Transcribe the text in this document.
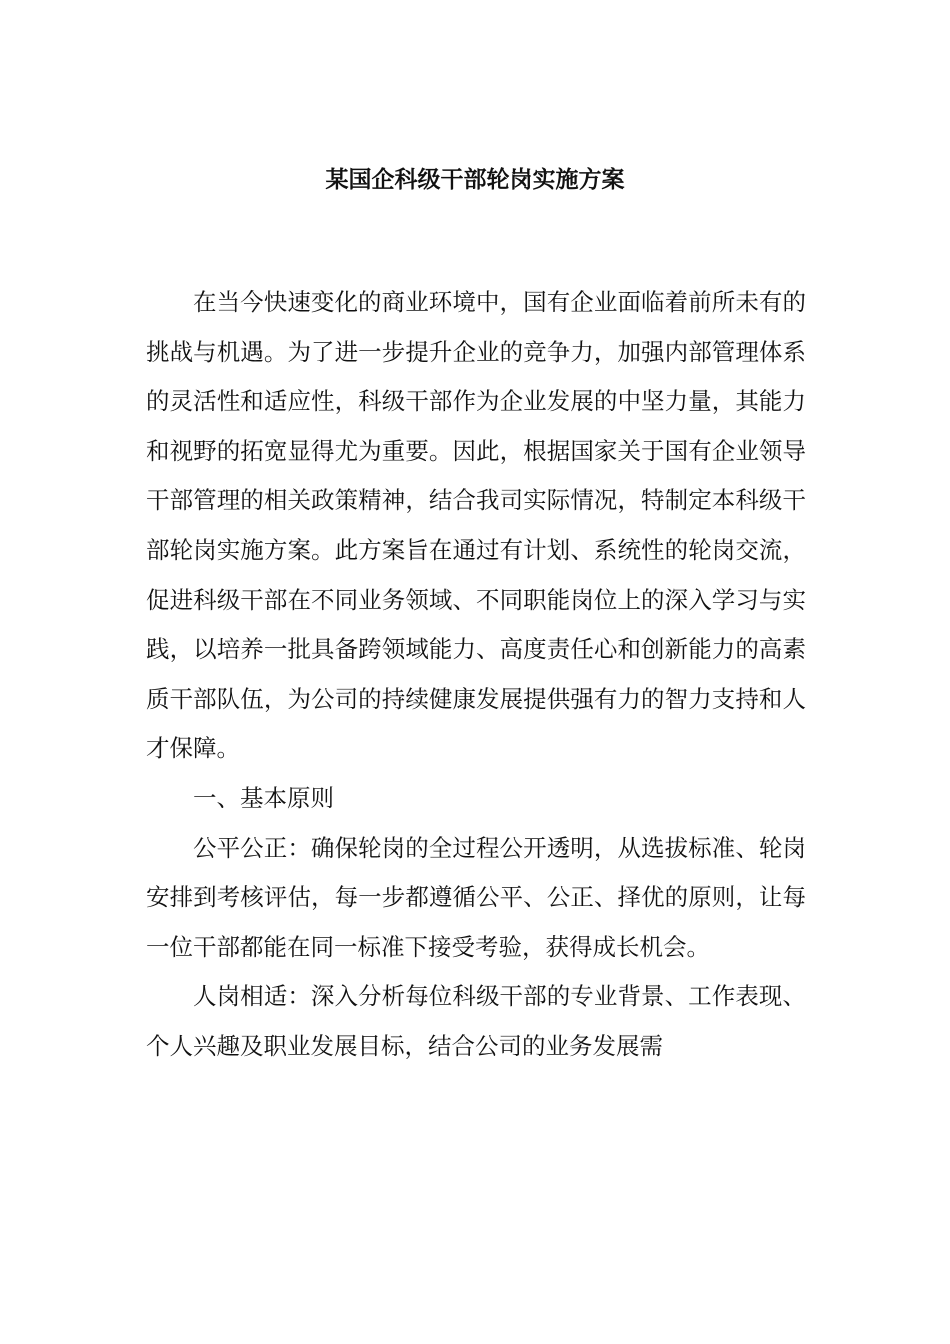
某国企科级干部轮岗实施方案

在当今快速变化的商业环境中，国有企业面临着前所未有的挑战与机遇。为了进一步提升企业的竞争力，加强内部管理体系的灵活性和适应性，科级干部作为企业发展的中坚力量，其能力和视野的拓宽显得尤为重要。因此，根据国家关于国有企业领导干部管理的相关政策精神，结合我司实际情况，特制定本科级干部轮岗实施方案。此方案旨在通过有计划、系统性的轮岗交流，促进科级干部在不同业务领域、不同职能岗位上的深入学习与实践，以培养一批具备跨领域能力、高度责任心和创新能力的高素质干部队伍，为公司的持续健康发展提供强有力的智力支持和人才保障。

一、基本原则

公平公正：确保轮岗的全过程公开透明，从选拔标准、轮岗安排到考核评估，每一步都遵循公平、公正、择优的原则，让每一位干部都能在同一标准下接受考验，获得成长机会。

人岗相适：深入分析每位科级干部的专业背景、工作表现、个人兴趣及职业发展目标，结合公司的业务发展需
